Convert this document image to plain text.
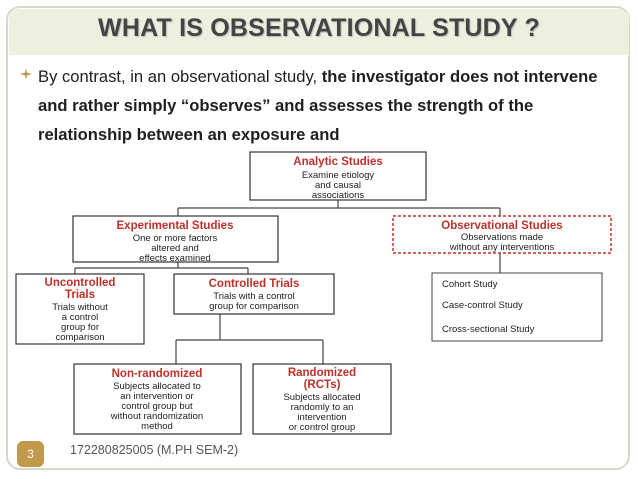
WHAT IS OBSERVATIONAL STUDY ?
By contrast, in an observational study, the investigator does not intervene and rather simply “observes” and assesses the strength of the relationship between an exposure and
Analytic Studies
Examine etiology
and causal
associations
Experimental Studies
One or more factors
altered and
effects examined
Observational Studies
Observations made
without any interventions
Uncontrolled
Trials
Trials without
a control
group for
comparison
Controlled Trials
Trials with a control
group for comparison
Cohort Study
Case-control Study
Cross-sectional Study
Non-randomized
Subjects allocated to
an intervention or
control group but
without randomization
method
Randomized
(RCTs)
Subjects allocated
randomly to an
intervention
or control group
3	172280825005 (M.PH SEM-2)
